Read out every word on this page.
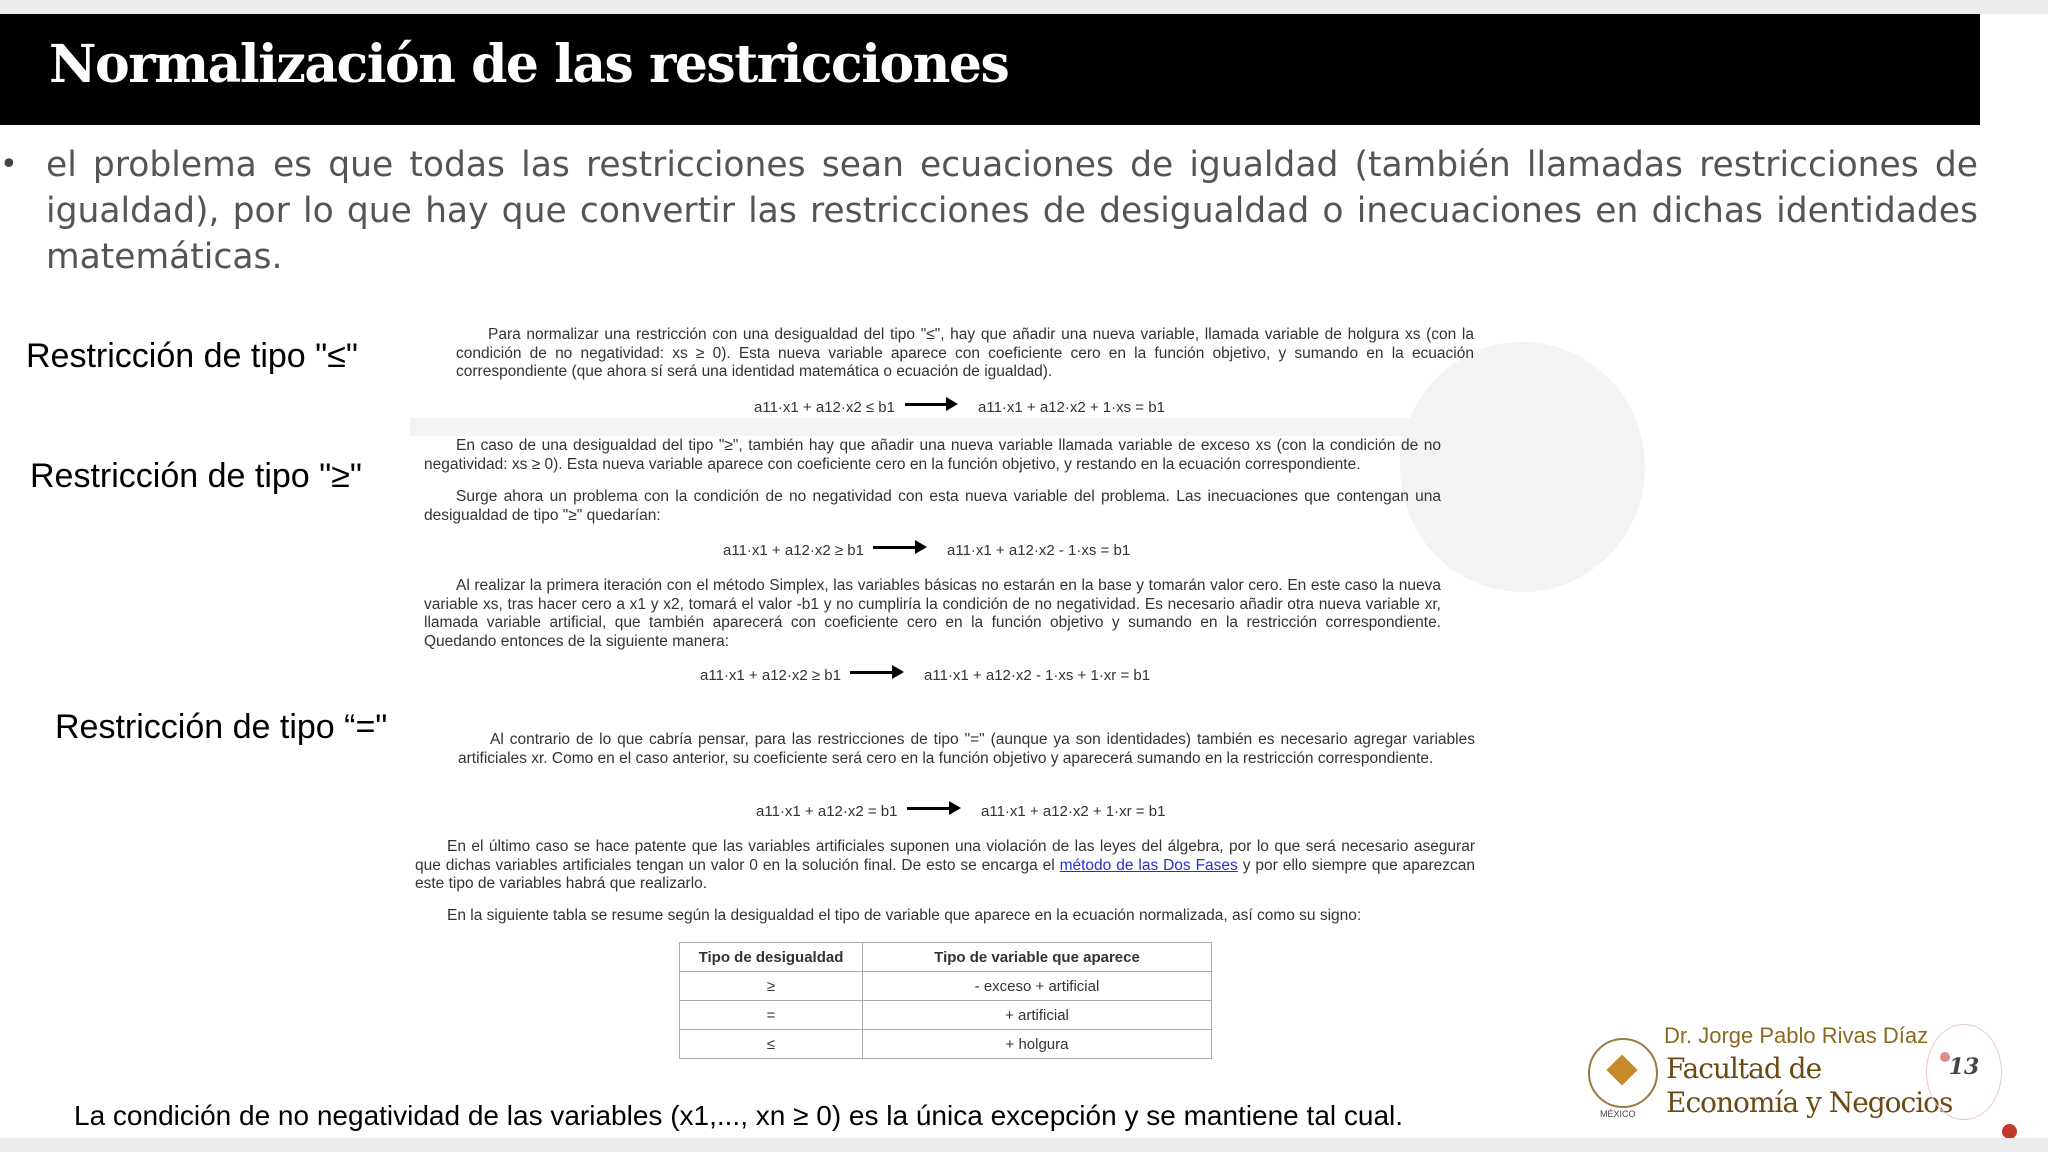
Normalización de las restricciones
• el problema es que todas las restricciones sean ecuaciones de igualdad (también llamadas restricciones de igualdad), por lo que hay que convertir las restricciones de desigualdad o inecuaciones en dichas identidades matemáticas.
Restricción de tipo "≤"
Restricción de tipo "≥"
Restricción de tipo “="

Para normalizar una restricción con una desigualdad del tipo "≤", hay que añadir una nueva variable, llamada variable de holgura xs (con la condición de no negatividad: xs ≥ 0). Esta nueva variable aparece con coeficiente cero en la función objetivo, y sumando en la ecuación correspondiente (que ahora sí será una identidad matemática o ecuación de igualdad).

a11·x1 + a12·x2 ≤ b1	a11·x1 + a12·x2 + 1·xs = b1

En caso de una desigualdad del tipo "≥", también hay que añadir una nueva variable llamada variable de exceso xs (con la condición de no negatividad: xs ≥ 0). Esta nueva variable aparece con coeficiente cero en la función objetivo, y restando en la ecuación correspondiente.

Surge ahora un problema con la condición de no negatividad con esta nueva variable del problema. Las inecuaciones que contengan una desigualdad de tipo "≥" quedarían:

a11·x1 + a12·x2 ≥ b1	a11·x1 + a12·x2 - 1·xs = b1

Al realizar la primera iteración con el método Simplex, las variables básicas no estarán en la base y tomarán valor cero. En este caso la nueva variable xs, tras hacer cero a x1 y x2, tomará el valor -b1 y no cumpliría la condición de no negatividad. Es necesario añadir otra nueva variable xr, llamada variable artificial, que también aparecerá con coeficiente cero en la función objetivo y sumando en la restricción correspondiente. Quedando entonces de la siguiente manera:

a11·x1 + a12·x2 ≥ b1	a11·x1 + a12·x2 - 1·xs + 1·xr = b1

Al contrario de lo que cabría pensar, para las restricciones de tipo "=" (aunque ya son identidades) también es necesario agregar variables artificiales xr. Como en el caso anterior, su coeficiente será cero en la función objetivo y aparecerá sumando en la restricción correspondiente.

a11·x1 + a12·x2 = b1	a11·x1 + a12·x2 + 1·xr = b1

En el último caso se hace patente que las variables artificiales suponen una violación de las leyes del álgebra, por lo que será necesario asegurar que dichas variables artificiales tengan un valor 0 en la solución final. De esto se encarga el método de las Dos Fases y por ello siempre que aparezcan este tipo de variables habrá que realizarlo.

En la siguiente tabla se resume según la desigualdad el tipo de variable que aparece en la ecuación normalizada, así como su signo:

Tipo de desigualdad	Tipo de variable que aparece
≥	- exceso + artificial
=	+ artificial
≤	+ holgura
La condición de no negatividad de las variables (x1,..., xn ≥ 0) es la única excepción y se mantiene tal cual.	MÉXICO
Dr. Jorge Pablo Rivas Díaz
Facultad de
Economía y Negocios
13
